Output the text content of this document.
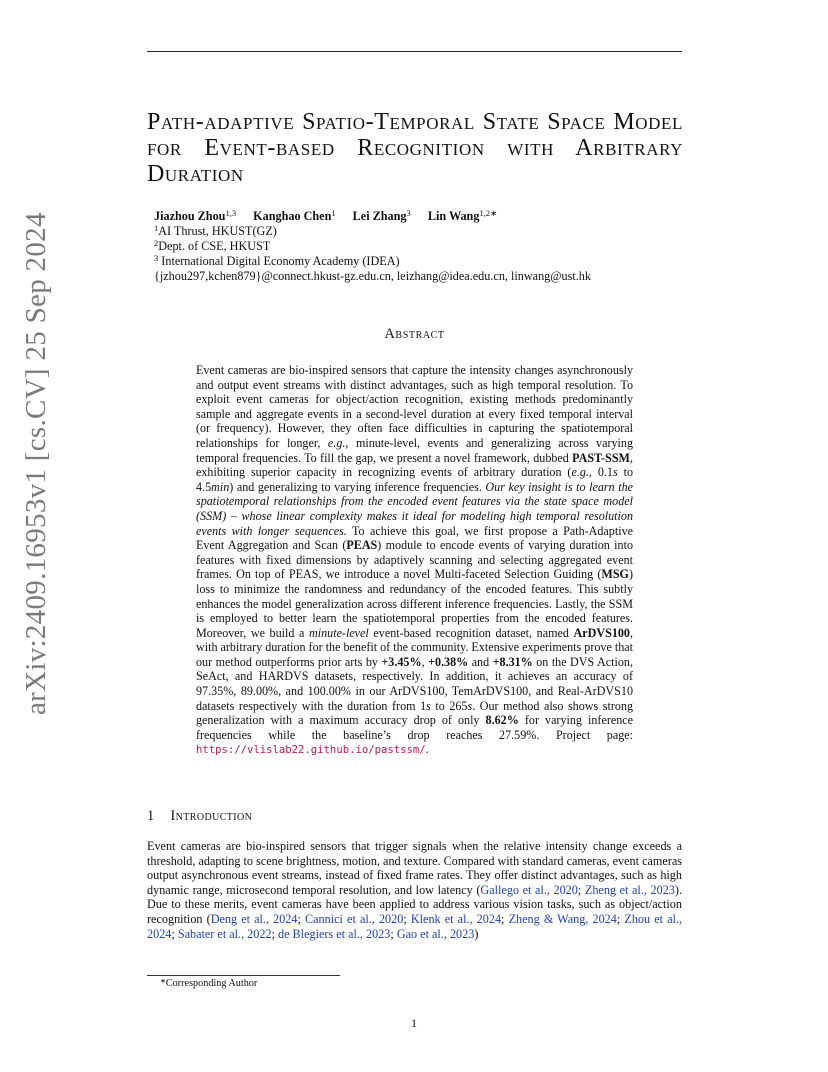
arXiv:2409.16953v1 [cs.CV] 25 Sep 2024
Path-adaptive Spatio-Temporal State Space Model for Event-based Recognition with Arbitrary Duration
Jiazhou Zhou$^{1,3}$ Kanghao Chen$^1$ Lei Zhang$^3$ Lin Wang$^{1,2∗}$
$^1$AI Thrust, HKUST(GZ)
$^2$Dept. of CSE, HKUST
$^3$ International Digital Economy Academy (IDEA)
{jzhou297,kchen879}@connect.hkust-gz.edu.cn, leizhang@idea.edu.cn, linwang@ust.hk
Abstract
Event cameras are bio-inspired sensors that capture the intensity changes asynchronously and output event streams with distinct advantages, such as high temporal resolution. To exploit event cameras for object/action recognition, existing methods predominantly sample and aggregate events in a second-level duration at every fixed temporal interval (or frequency). However, they often face difficulties in capturing the spatiotemporal relationships for longer, e.g., minute-level, events and generalizing across varying temporal frequencies. To fill the gap, we present a novel framework, dubbed PAST-SSM, exhibiting superior capacity in recognizing events of arbitrary duration (e.g., 0.1s to 4.5min) and generalizing to varying inference frequencies. Our key insight is to learn the spatiotemporal relationships from the encoded event features via the state space model (SSM) – whose linear complexity makes it ideal for modeling high temporal resolution events with longer sequences. To achieve this goal, we first propose a Path-Adaptive Event Aggregation and Scan (PEAS) module to encode events of varying duration into features with fixed dimensions by adaptively scanning and selecting aggregated event frames. On top of PEAS, we introduce a novel Multi-faceted Selection Guiding (MSG) loss to minimize the randomness and redundancy of the encoded features. This subtly enhances the model generalization across different inference frequencies. Lastly, the SSM is employed to better learn the spatiotemporal properties from the encoded features. Moreover, we build a minute-level event-based recognition dataset, named ArDVS100, with arbitrary duration for the benefit of the community. Extensive experiments prove that our method outperforms prior arts by +3.45%, +0.38% and +8.31% on the DVS Action, SeAct, and HARDVS datasets, respectively. In addition, it achieves an accuracy of 97.35%, 89.00%, and 100.00% in our ArDVS100, TemArDVS100, and Real-ArDVS10 datasets respectively with the duration from 1s to 265s. Our method also shows strong generalization with a maximum accuracy drop of only 8.62% for varying inference frequencies while the baseline’s drop reaches 27.59%. Project page: https://vlislab22.github.io/pastssm/.
1 Introduction
Event cameras are bio-inspired sensors that trigger signals when the relative intensity change exceeds a threshold, adapting to scene brightness, motion, and texture. Compared with standard cameras, event cameras output asynchronous event streams, instead of fixed frame rates. They offer distinct advantages, such as high dynamic range, microsecond temporal resolution, and low latency (Gallego et al., 2020; Zheng et al., 2023). Due to these merits, event cameras have been applied to address various vision tasks, such as object/action recognition (Deng et al., 2024; Cannici et al., 2020; Klenk et al., 2024; Zheng & Wang, 2024; Zhou et al., 2024; Sabater et al., 2022; de Blegiers et al., 2023; Gao et al., 2023)
∗Corresponding Author
1
